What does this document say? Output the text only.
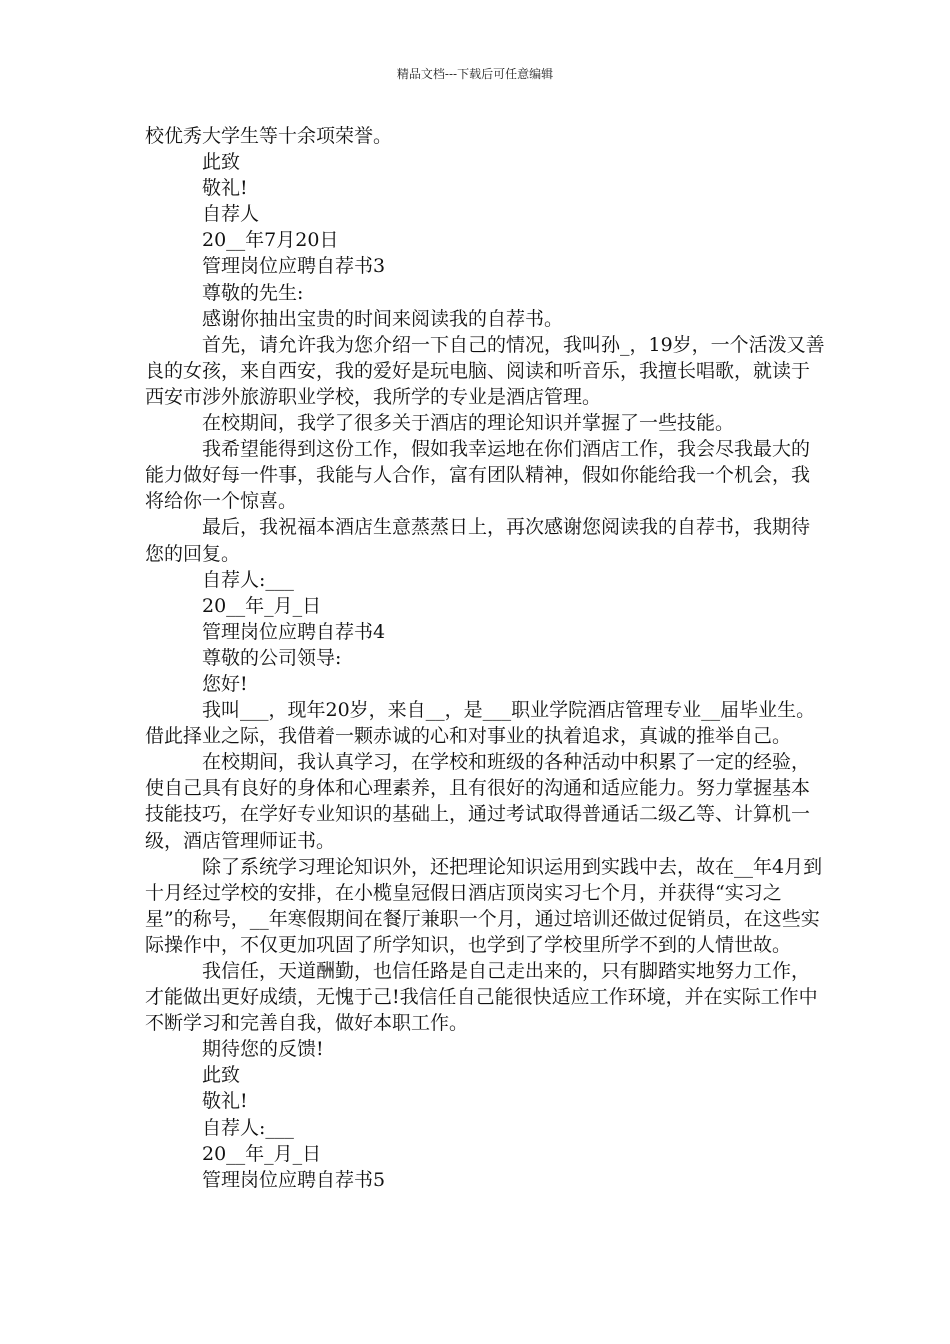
精品文档---下载后可任意编辑

校优秀大学生等十余项荣誉。

此致

敬礼!

自荐人

20__年7月20日

管理岗位应聘自荐书3

尊敬的先生:

感谢你抽出宝贵的时间来阅读我的自荐书。

首先，请允许我为您介绍一下自己的情况，我叫孙_，19岁，一个活泼又善良的女孩，来自西安，我的爱好是玩电脑、阅读和听音乐，我擅长唱歌，就读于西安市涉外旅游职业学校，我所学的专业是酒店管理。

在校期间，我学了很多关于酒店的理论知识并掌握了一些技能。

我希望能得到这份工作，假如我幸运地在你们酒店工作，我会尽我最大的能力做好每一件事，我能与人合作，富有团队精神，假如你能给我一个机会，我将给你一个惊喜。

最后，我祝福本酒店生意蒸蒸日上，再次感谢您阅读我的自荐书，我期待您的回复。

自荐人:___

20__年_月_日

管理岗位应聘自荐书4

尊敬的公司领导:

您好!

我叫___，现年20岁，来自__，是___职业学院酒店管理专业__届毕业生。借此择业之际，我借着一颗赤诚的心和对事业的执着追求，真诚的推举自己。

在校期间，我认真学习，在学校和班级的各种活动中积累了一定的经验，使自己具有良好的身体和心理素养，且有很好的沟通和适应能力。努力掌握基本技能技巧，在学好专业知识的基础上，通过考试取得普通话二级乙等、计算机一级，酒店管理师证书。

除了系统学习理论知识外，还把理论知识运用到实践中去，故在__年4月到十月经过学校的安排，在小榄皇冠假日酒店顶岗实习七个月，并获得“实习之星”的称号，__年寒假期间在餐厅兼职一个月，通过培训还做过促销员，在这些实际操作中，不仅更加巩固了所学知识，也学到了学校里所学不到的人情世故。

我信任，天道酬勤，也信任路是自己走出来的，只有脚踏实地努力工作，才能做出更好成绩，无愧于己!我信任自己能很快适应工作环境，并在实际工作中不断学习和完善自我，做好本职工作。

期待您的反馈!

此致

敬礼!

自荐人:___

20__年_月_日

管理岗位应聘自荐书5
